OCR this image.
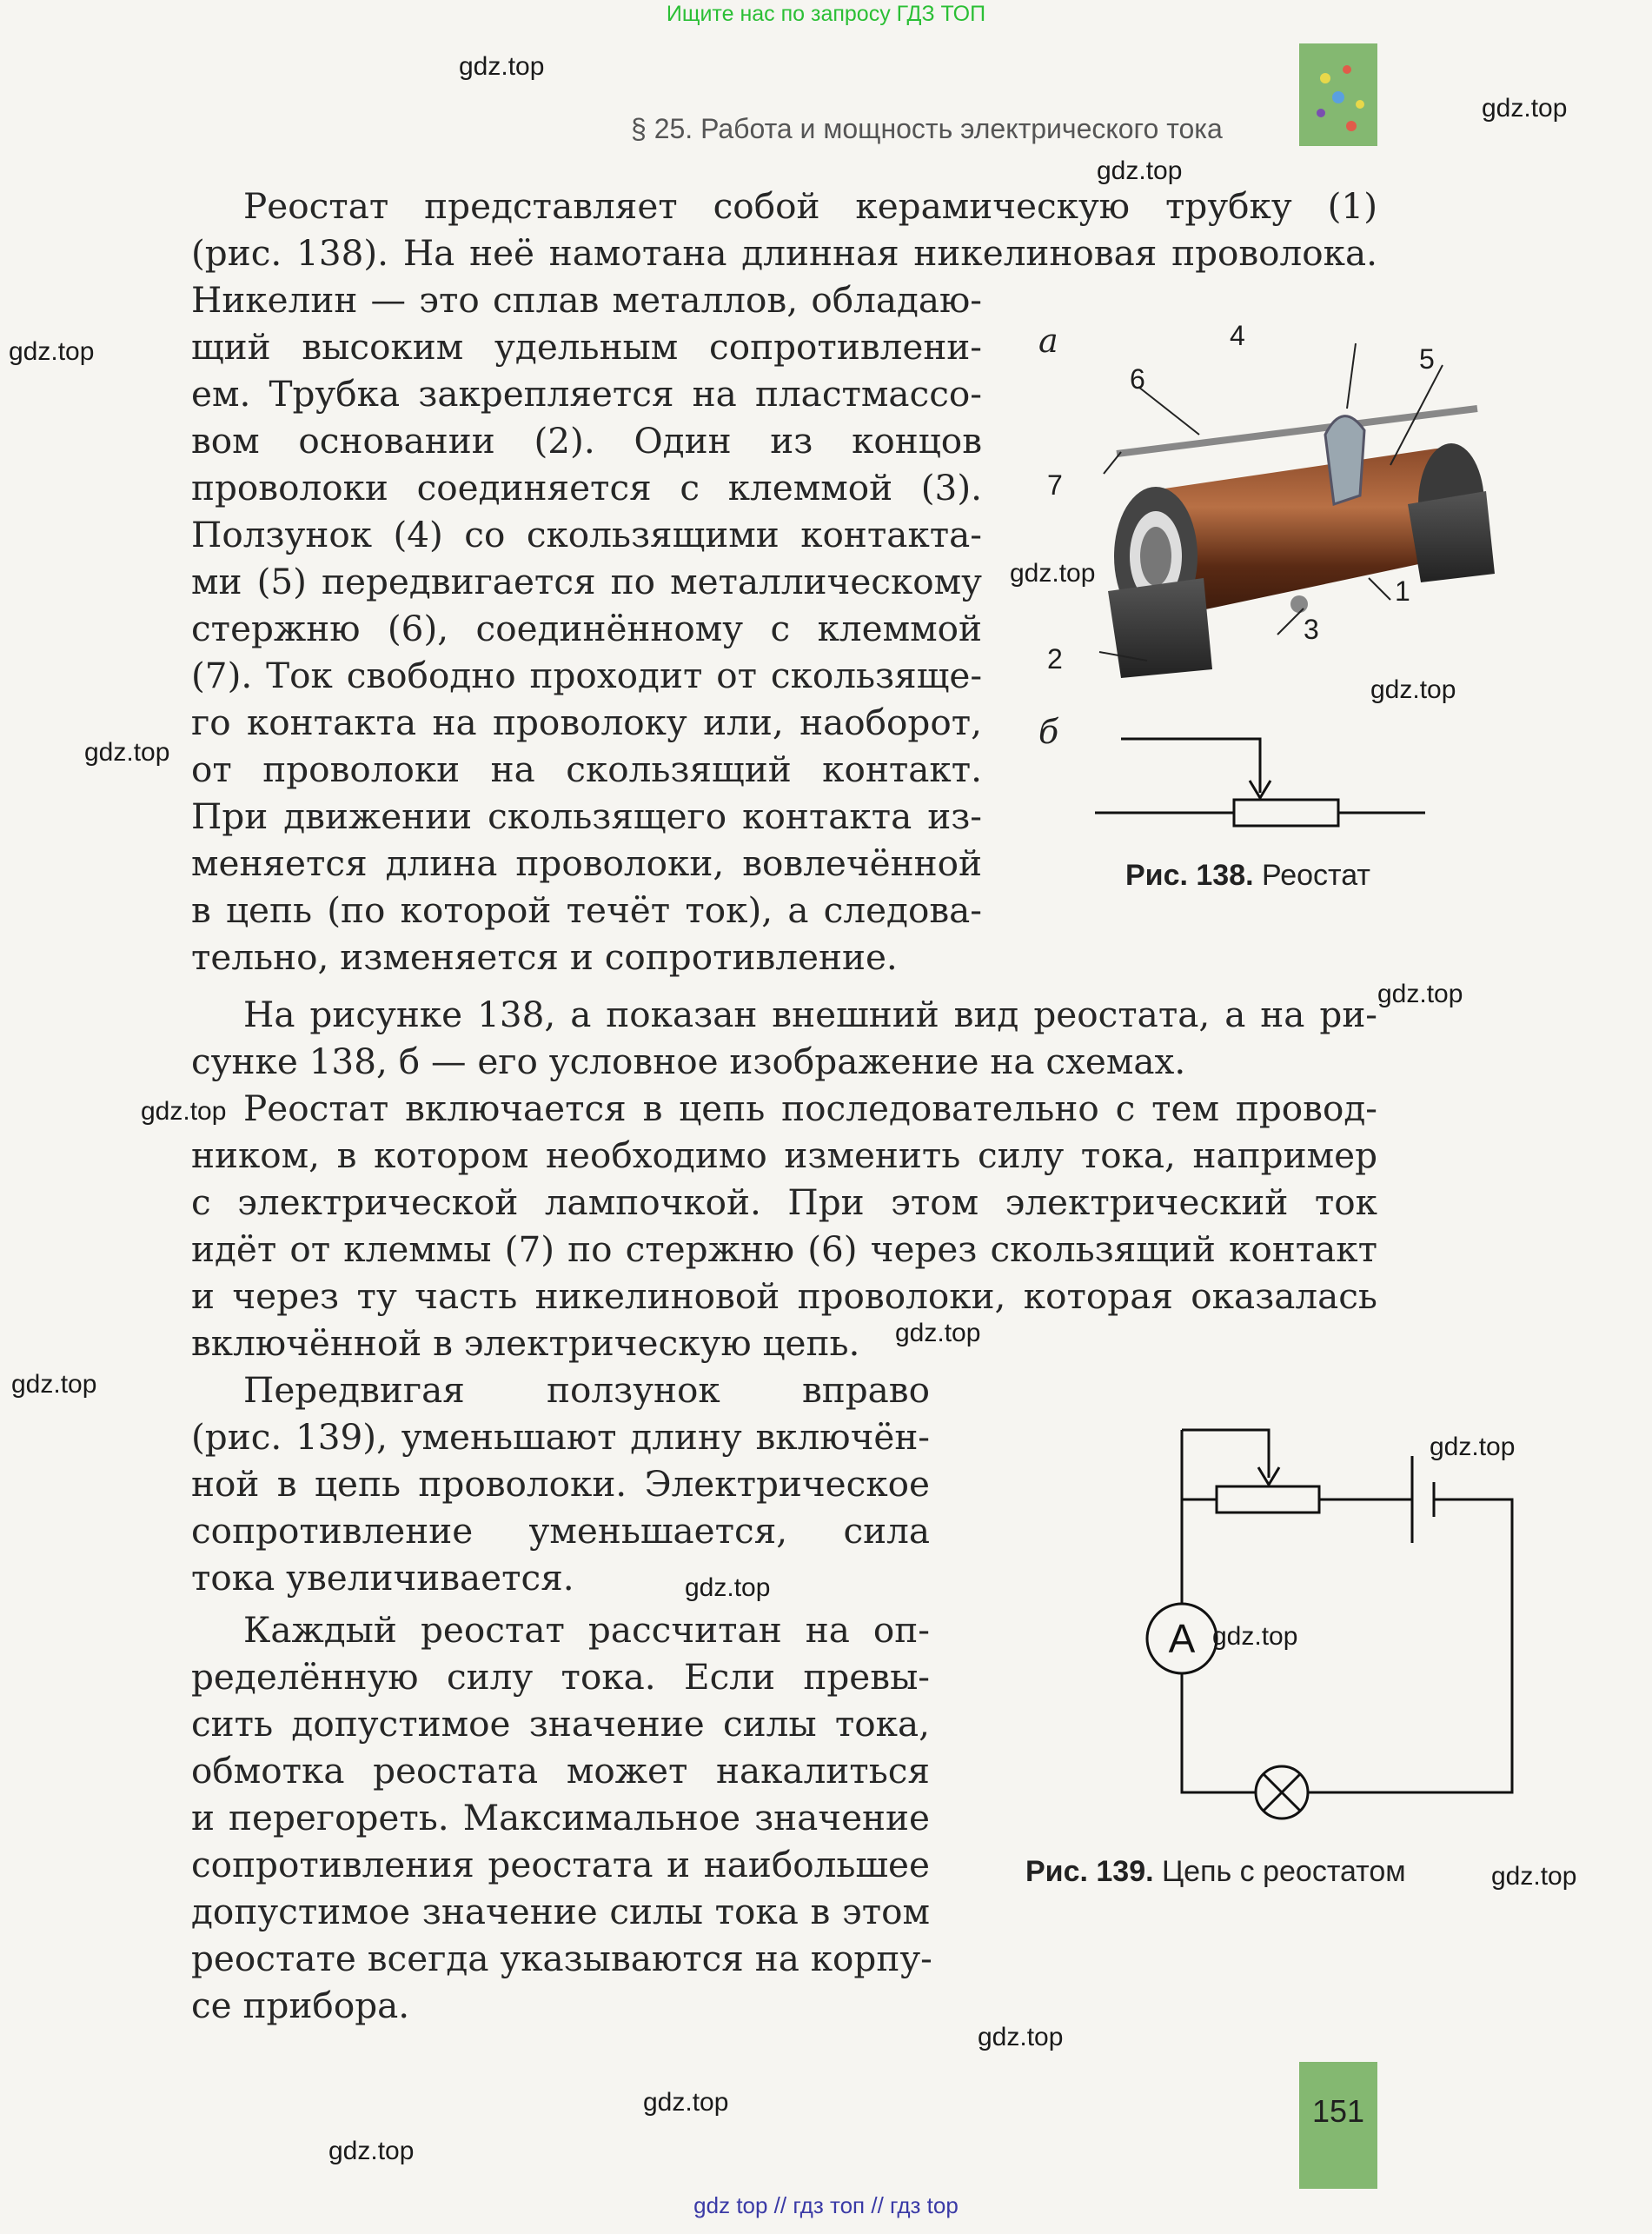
Ищите нас по запросу ГДЗ ТОП
gdz top // гдз топ // гдз top
151
§ 25. Работа и мощность электрического тока
Реостат представляет собой керамическую трубку (1)
(рис. 138). На неё намотана длинная никелиновая проволока.
Никелин — это сплав металлов, обладаю-
щий высоким удельным сопротивлени-
ем. Трубка закрепляется на пластмассо-
вом основании (2). Один из концов
проволоки соединяется с клеммой (3).
Ползунок (4) со скользящими контакта-
ми (5) передвигается по металлическому
стержню (6), соединённому с клеммой
(7). Ток свободно проходит от скользяще-
го контакта на проволоку или, наоборот,
от проволоки на скользящий контакт.
При движении скользящего контакта из-
меняется длина проволоки, вовлечённой
в цепь (по которой течёт ток), а следова-
тельно, изменяется и сопротивление.
На рисунке 138, а показан внешний вид реостата, а на ри-
сунке 138, б — его условное изображение на схемах.
Реостат включается в цепь последовательно с тем провод-
ником, в котором необходимо изменить силу тока, например
с электрической лампочкой. При этом электрический ток
идёт от клеммы (7) по стержню (6) через скользящий контакт
и через ту часть никелиновой проволоки, которая оказалась
включённой в электрическую цепь.
Передвигая ползунок вправо
(рис. 139), уменьшают длину включён-
ной в цепь проволоки. Электрическое
сопротивление уменьшается, сила
тока увеличивается.
Каждый реостат рассчитан на оп-
ределённую силу тока. Если превы-
сить допустимое значение силы тока,
обмотка реостата может накалиться
и перегореть. Максимальное значение
сопротивления реостата и наибольшее
допустимое значение силы тока в этом
реостате всегда указываются на корпу-
се прибора.
а
б
4
5
6
7
1
3
2
Рис. 138. Реостат
A
Рис. 139. Цепь с реостатом
gdz.top
gdz.top
gdz.top
gdz.top
gdz.top
gdz.top
gdz.top
gdz.top
gdz.top
gdz.top
gdz.top
gdz.top
gdz.top
gdz.top
gdz.top
gdz.top
gdz.top
gdz.top
